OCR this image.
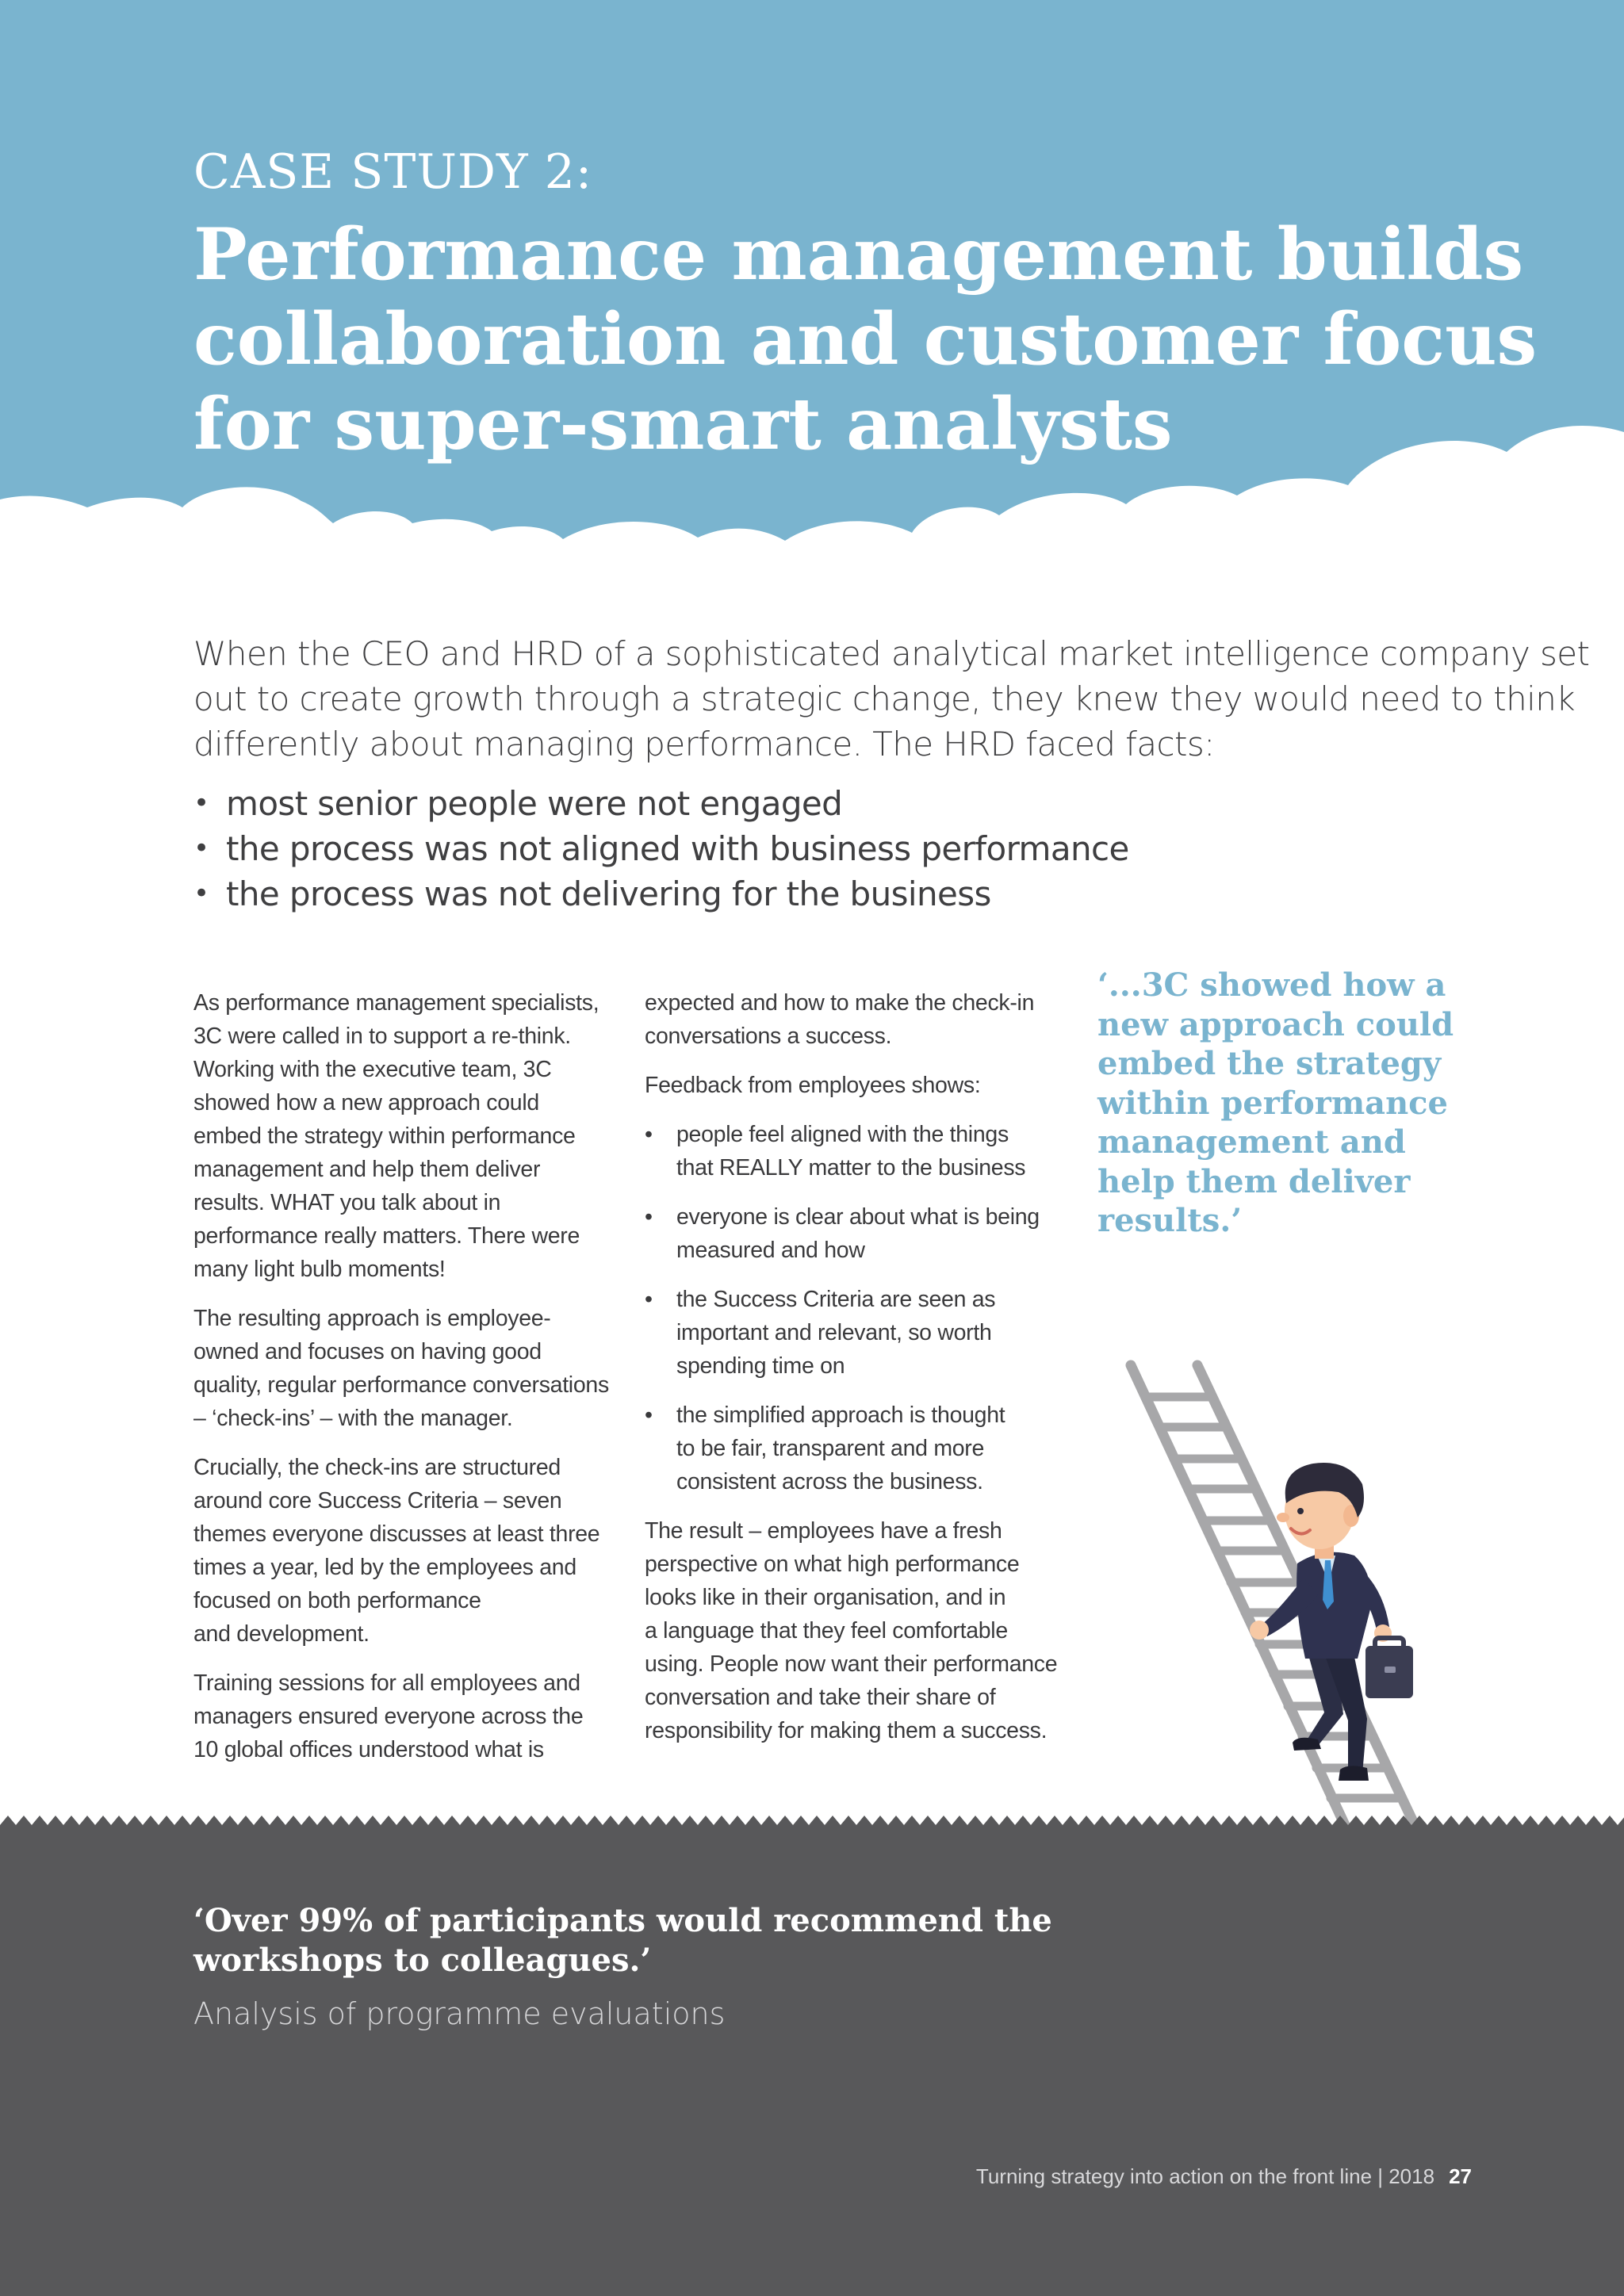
CASE STUDY 2:
Performance management builds
collaboration and customer focus
for super-smart analysts
When the CEO and HRD of a sophisticated analytical market intelligence company set
out to create growth through a strategic change, they knew they would need to think
differently about managing performance. The HRD faced facts:
• most senior people were not engaged
• the process was not aligned with business performance
• the process was not delivering for the business

As performance management specialists,
3C were called in to support a re-think.
Working with the executive team, 3C
showed how a new approach could
embed the strategy within performance
management and help them deliver
results. WHAT you talk about in
performance really matters. There were
many light bulb moments!

The resulting approach is employee-
owned and focuses on having good
quality, regular performance conversations
– ‘check-ins’ – with the manager.

Crucially, the check-ins are structured
around core Success Criteria – seven
themes everyone discusses at least three
times a year, led by the employees and
focused on both performance
and development.

Training sessions for all employees and
managers ensured everyone across the
10 global offices understood what is

expected and how to make the check-in
conversations a success.

Feedback from employees shows:

• people feel aligned with the things
that REALLY matter to the business
• everyone is clear about what is being
measured and how
• the Success Criteria are seen as
important and relevant, so worth
spending time on
• the simplified approach is thought
to be fair, transparent and more
consistent across the business.

The result – employees have a fresh
perspective on what high performance
looks like in their organisation, and in
a language that they feel comfortable
using. People now want their performance
conversation and take their share of
responsibility for making them a success.

‘...3C showed how a
new approach could
embed the strategy
within performance
management and
help them deliver
results.’
‘Over 99% of participants would recommend the
workshops to colleagues.’
Analysis of programme evaluations
Turning strategy into action on the front line | 2018 27
